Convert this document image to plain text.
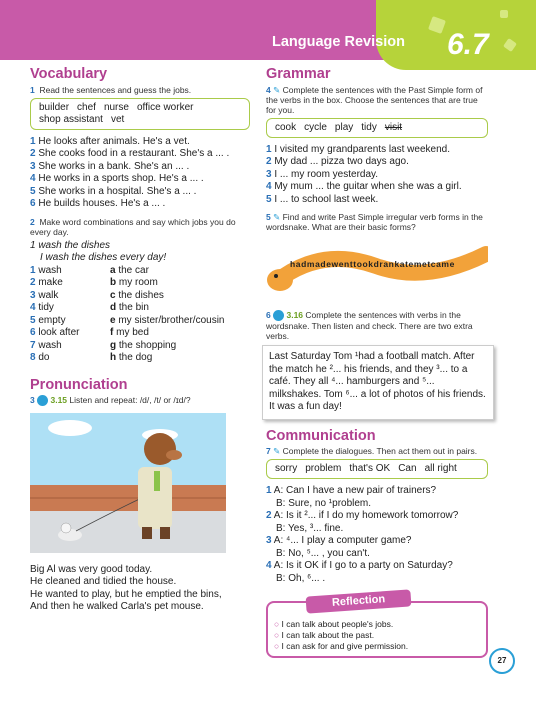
Language Revision 6.7
Vocabulary
1 Read the sentences and guess the jobs.
builder chef nurse office worker
shop assistant vet

1 He looks after animals. He's a vet.

2 She cooks food in a restaurant. She's a ... .

3 She works in a bank. She's an ... .

4 He works in a sports shop. He's a ... .

5 She works in a hospital. She's a ... .

6 He builds houses. He's a ... .

2 Make word combinations and say which jobs you do every day.

1 wash the dishes

I wash the dishes every day!

1 wash	a the car
2 make	b my room
3 walk	c the dishes
4 tidy	d the bin
5 empty	e my sister/brother/cousin
6 look after	f my bed
7 wash	g the shopping
8 do	h the dog
Pronunciation
3 3.15 Listen and repeat: /d/, /t/ or /ɪd/?

Big Al was very good today.

He cleaned and tidied the house.

He wanted to play, but he emptied the bins,

And then he walked Carla's pet mouse.

Grammar
4 ✎ Complete the sentences with the Past Simple form of the verbs in the box. Choose the sentences that are true for you.
cook cycle play tidy visit

1 I visited my grandparents last weekend.

2 My dad ... pizza two days ago.

3 I ... my room yesterday.

4 My mum ... the guitar when she was a girl.

5 I ... to school last week.

5 ✎ Find and write Past Simple irregular verb forms in the wordsnake. What are their basic forms?
hadmadewenttookdrankatemetcame
6 3.16 Complete the sentences with verbs in the wordsnake. Then listen and check. There are two extra verbs.
Last Saturday Tom ¹had a football match. After the match he ²... his friends, and they ³... to a café. They all ⁴... hamburgers and ⁵... milkshakes. Tom ⁶... a lot of photos of his friends. It was a fun day!
Communication
7 ✎ Complete the dialogues. Then act them out in pairs.
sorry problem that's OK Can all right
1 A: Can I have a new pair of trainers?
B: Sure, no ¹problem.
2 A: Is it ²... if I do my homework tomorrow?
B: Yes, ³... fine.
3 A: ⁴... I play a computer game?
B: No, ⁵... , you can't.
4 A: Is it OK if I go to a party on Saturday?
B: Oh, ⁶... .
Reflection
○ I can talk about people's jobs.
○ I can talk about the past.
○ I can ask for and give permission.
27
